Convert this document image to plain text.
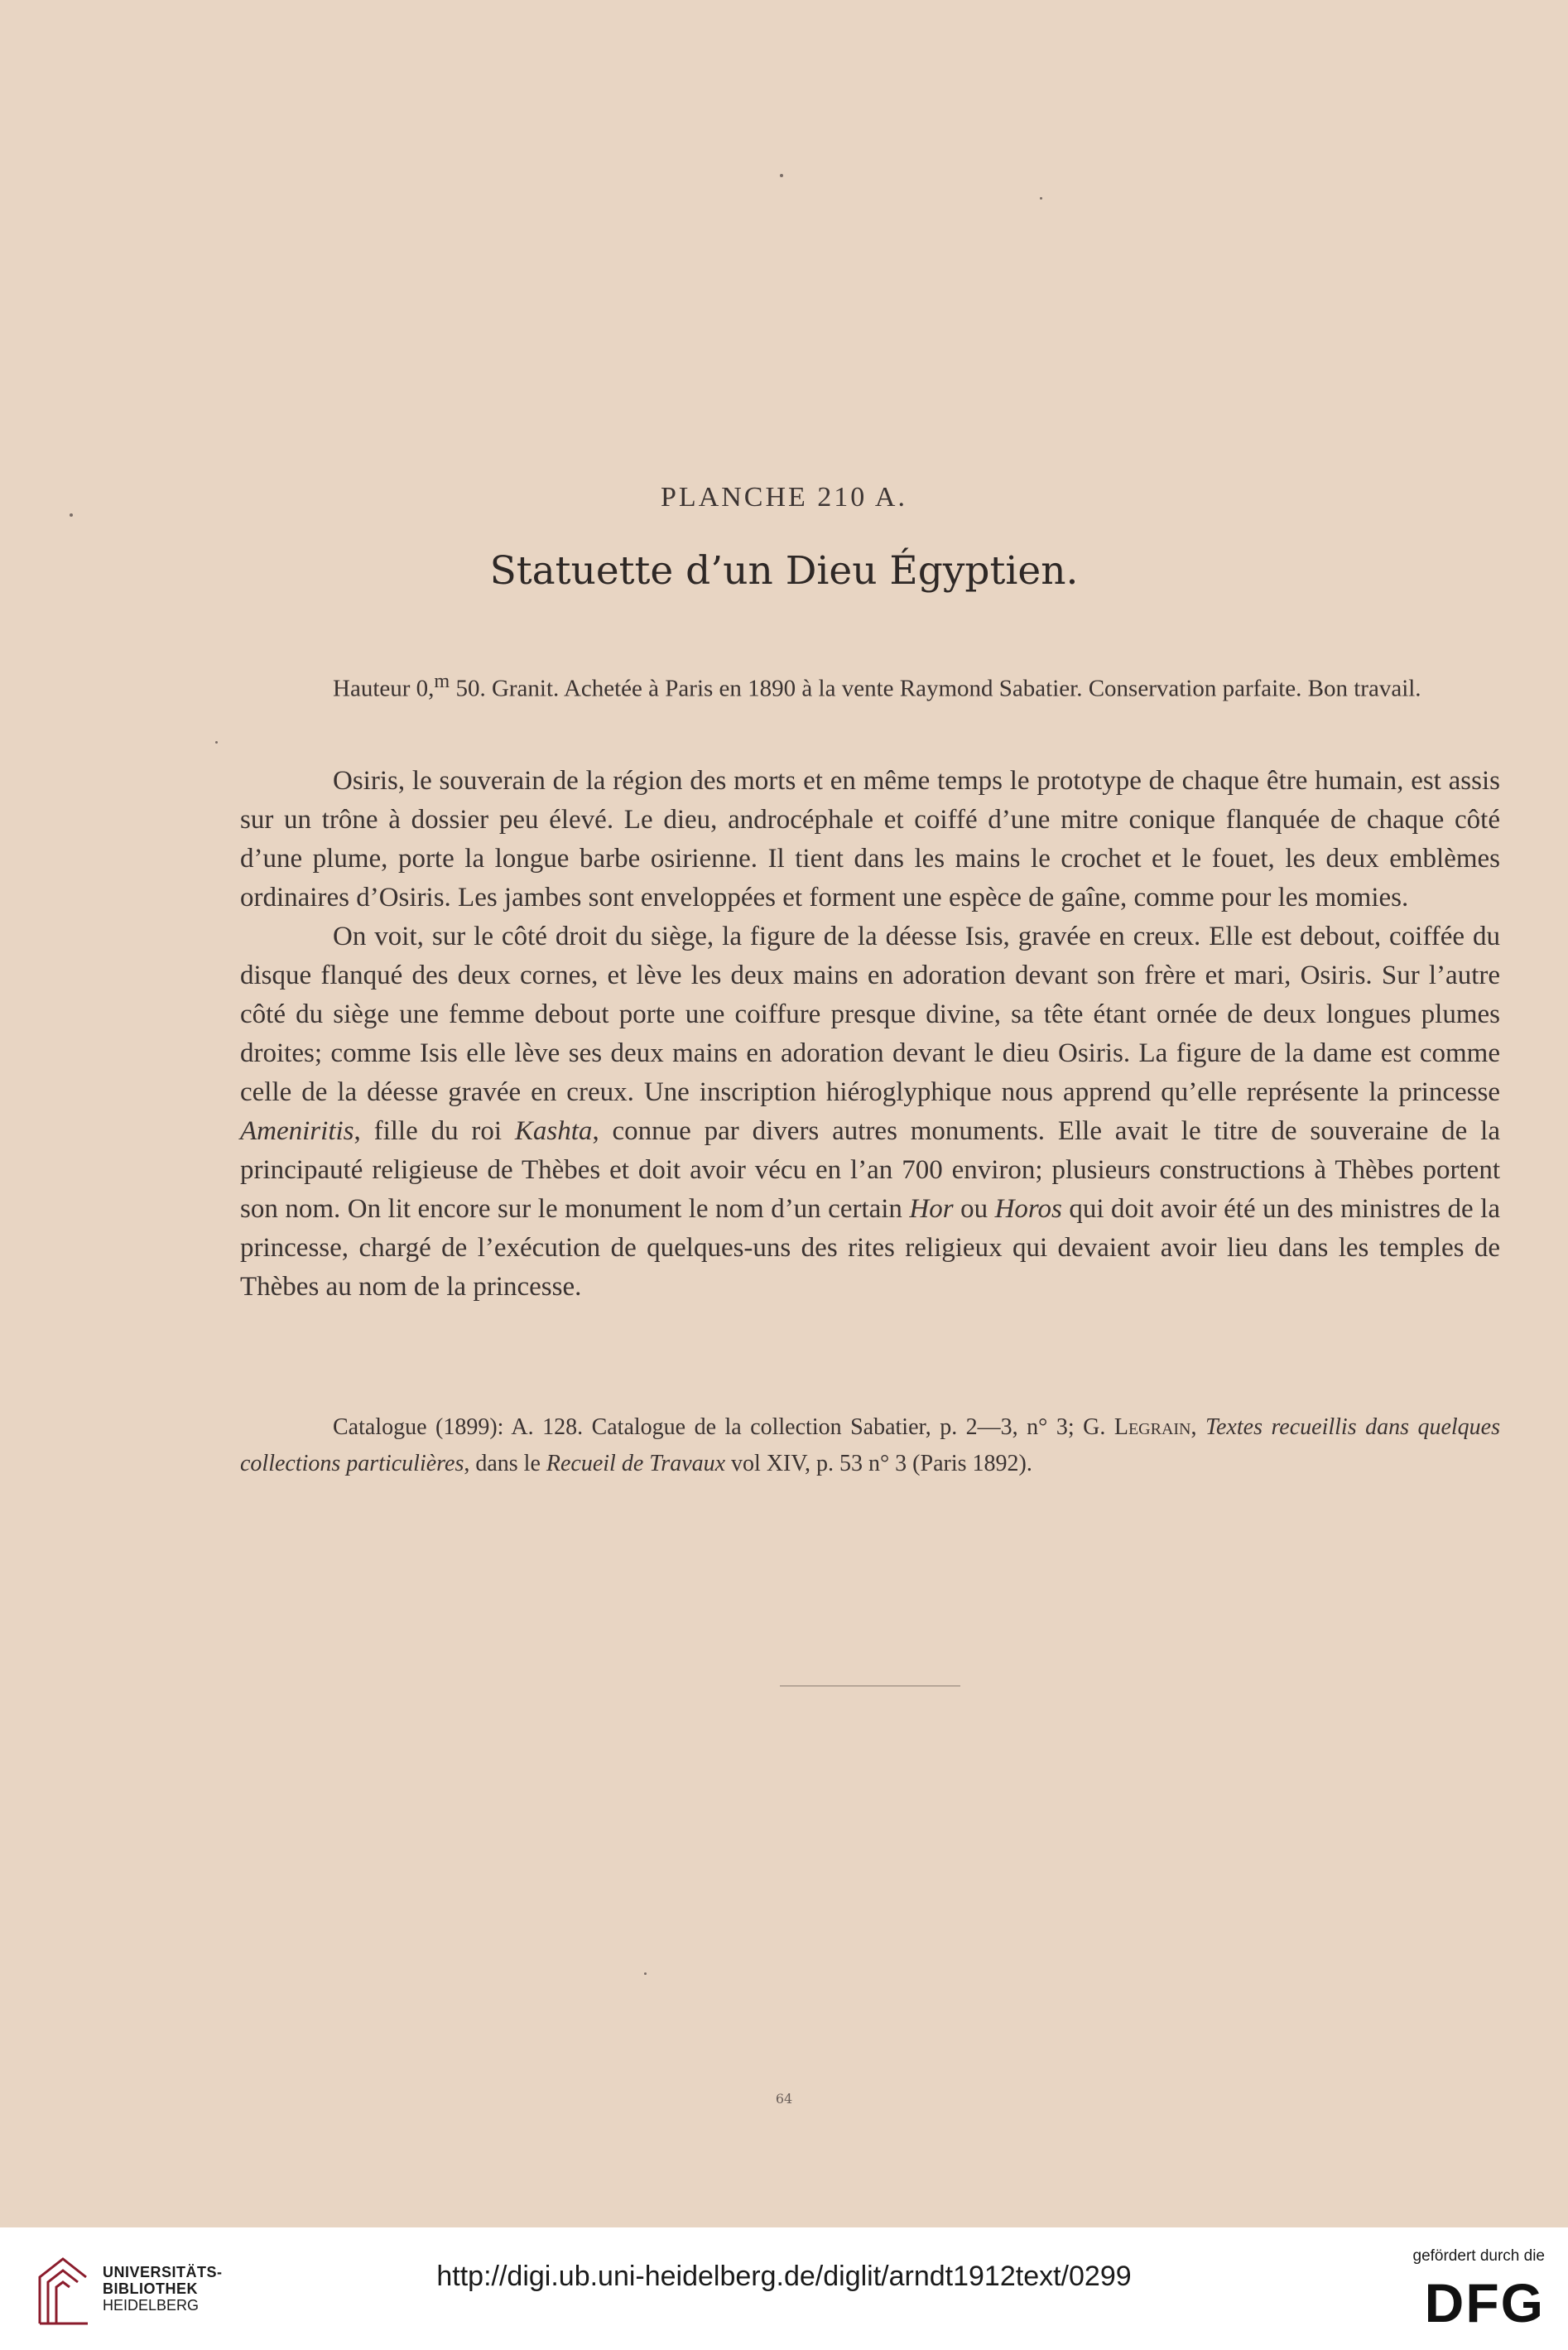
PLANCHE 210 A.
Statuette d’un Dieu Égyptien.

Hauteur 0,$^m$ 50. Granit. Achetée à Paris en 1890 à la vente Raymond Sabatier. Conservation parfaite. Bon travail.

Osiris, le souverain de la région des morts et en même temps le prototype de chaque être humain, est assis sur un trône à dossier peu élevé. Le dieu, androcéphale et coiffé d’une mitre conique flanquée de chaque côté d’une plume, porte la longue barbe osirienne. Il tient dans les mains le crochet et le fouet, les deux emblèmes ordinaires d’Osiris. Les jambes sont enveloppées et forment une espèce de gaîne, comme pour les momies.

On voit, sur le côté droit du siège, la figure de la déesse Isis, gravée en creux. Elle est debout, coiffée du disque flanqué des deux cornes, et lève les deux mains en adoration devant son frère et mari, Osiris. Sur l’autre côté du siège une femme debout porte une coiffure presque divine, sa tête étant ornée de deux longues plumes droites; comme Isis elle lève ses deux mains en adoration devant le dieu Osiris. La figure de la dame est comme celle de la déesse gravée en creux. Une inscription hiéroglyphique nous apprend qu’elle représente la princesse Ameniritis, fille du roi Kashta, connue par divers autres monuments. Elle avait le titre de souveraine de la principauté religieuse de Thèbes et doit avoir vécu en l’an 700 environ; plusieurs constructions à Thèbes portent son nom. On lit encore sur le monument le nom d’un certain Hor ou Horos qui doit avoir été un des ministres de la princesse, chargé de l’exécution de quelques-uns des rites religieux qui devaient avoir lieu dans les temples de Thèbes au nom de la princesse.

Catalogue (1899): A. 128. Catalogue de la collection Sabatier, p. 2—3, n° 3; G. Legrain, Textes recueillis dans quelques collections particulières, dans le Recueil de Travaux vol XIV, p. 53 n° 3 (Paris 1892).

64
UNIVERSITÄTS-
BIBLIOTHEK
HEIDELBERG
http://digi.ub.uni-heidelberg.de/diglit/arndt1912text/0299
gefördert durch die
DFG
